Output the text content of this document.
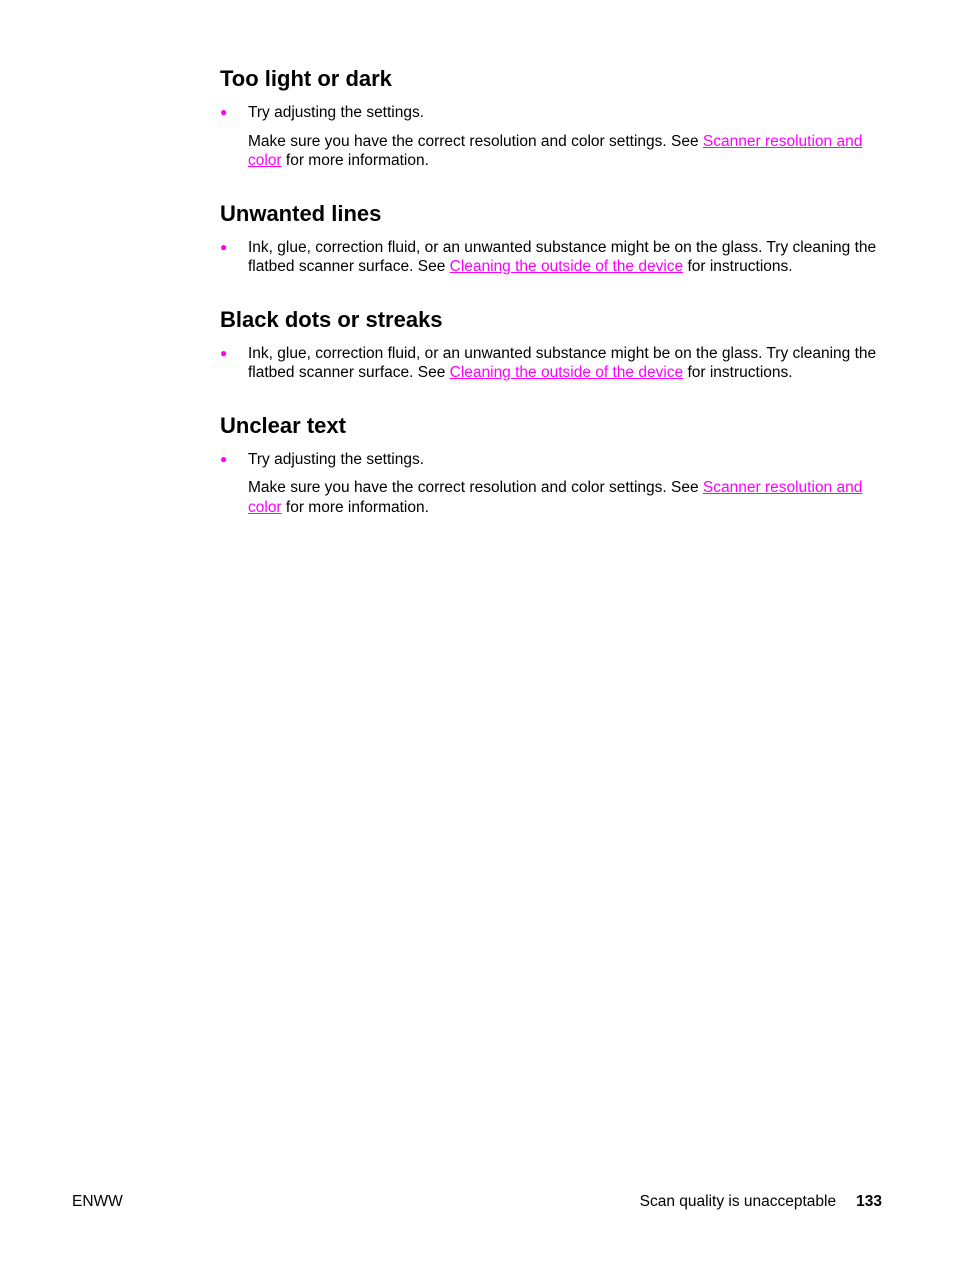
Too light or dark

● Try adjusting the settings.

Make sure you have the correct resolution and color settings. See Scanner resolution and color for more information.

Unwanted lines

● Ink, glue, correction fluid, or an unwanted substance might be on the glass. Try cleaning the flatbed scanner surface. See Cleaning the outside of the device for instructions.

Black dots or streaks

● Ink, glue, correction fluid, or an unwanted substance might be on the glass. Try cleaning the flatbed scanner surface. See Cleaning the outside of the device for instructions.

Unclear text

● Try adjusting the settings.

Make sure you have the correct resolution and color settings. See Scanner resolution and color for more information.

ENWW	Scan quality is unacceptable 133
